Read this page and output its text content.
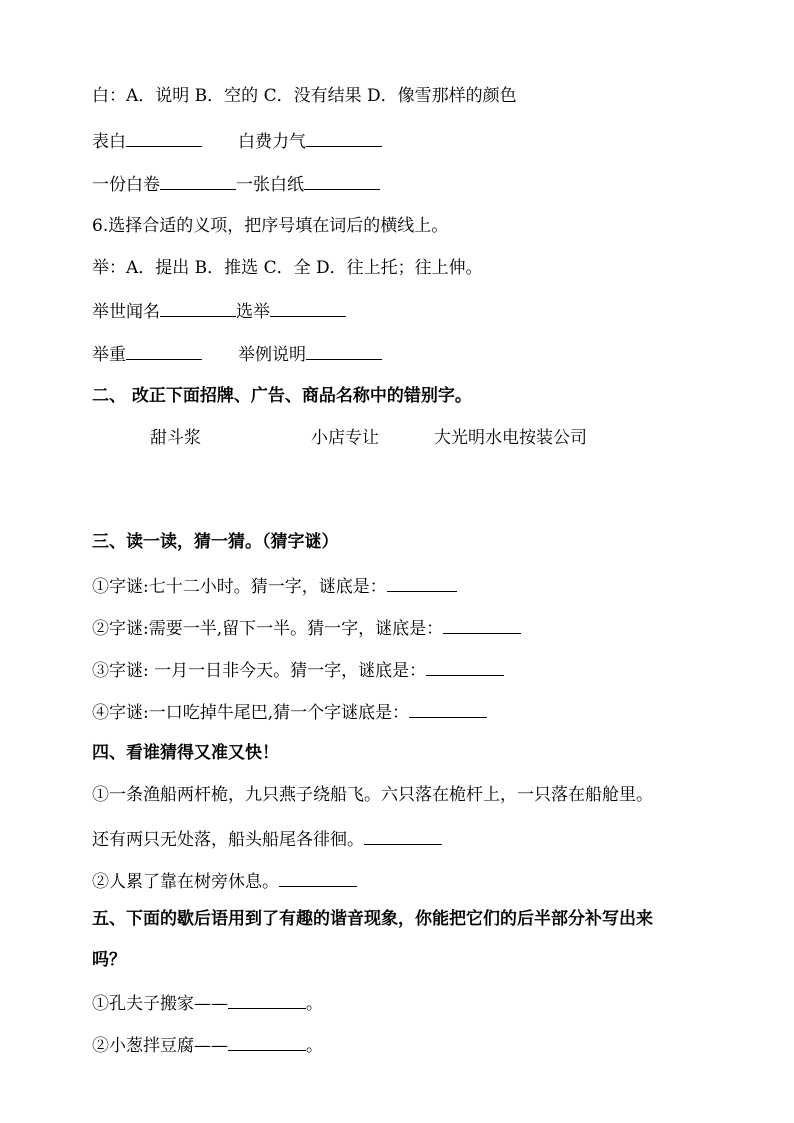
白：A．说明 B．空的 C．没有结果 D．像雪那样的颜色
表白	白费力气
一份白卷	一张白纸
6.选择合适的义项，把序号填在词后的横线上。
举：A．提出 B．推选 C．全 D．往上托；往上伸。
举世闻名	选举
举重	举例说明
二、 改正下面招牌、广告、商品名称中的错别字。
甜斗浆	小店专让	大光明水电按装公司
三、读一读，猜一猜。（猜字谜）
①字谜:七十二小时。猜一字，谜底是：
②字谜:需要一半,留下一半。猜一字，谜底是：
③字谜: 一月一日非今天。猜一字，谜底是：
④字谜:一口吃掉牛尾巴,猜一个字谜底是：
四、看谁猜得又准又快！
①一条渔船两杆桅，九只燕子绕船飞。六只落在桅杆上，一只落在船舱里。
还有两只无处落，船头船尾各徘徊。
②人累了靠在树旁休息。
五、下面的歇后语用到了有趣的谐音现象，你能把它们的后半部分补写出来
吗？
①孔夫子搬家——	。
②小葱拌豆腐——	。
